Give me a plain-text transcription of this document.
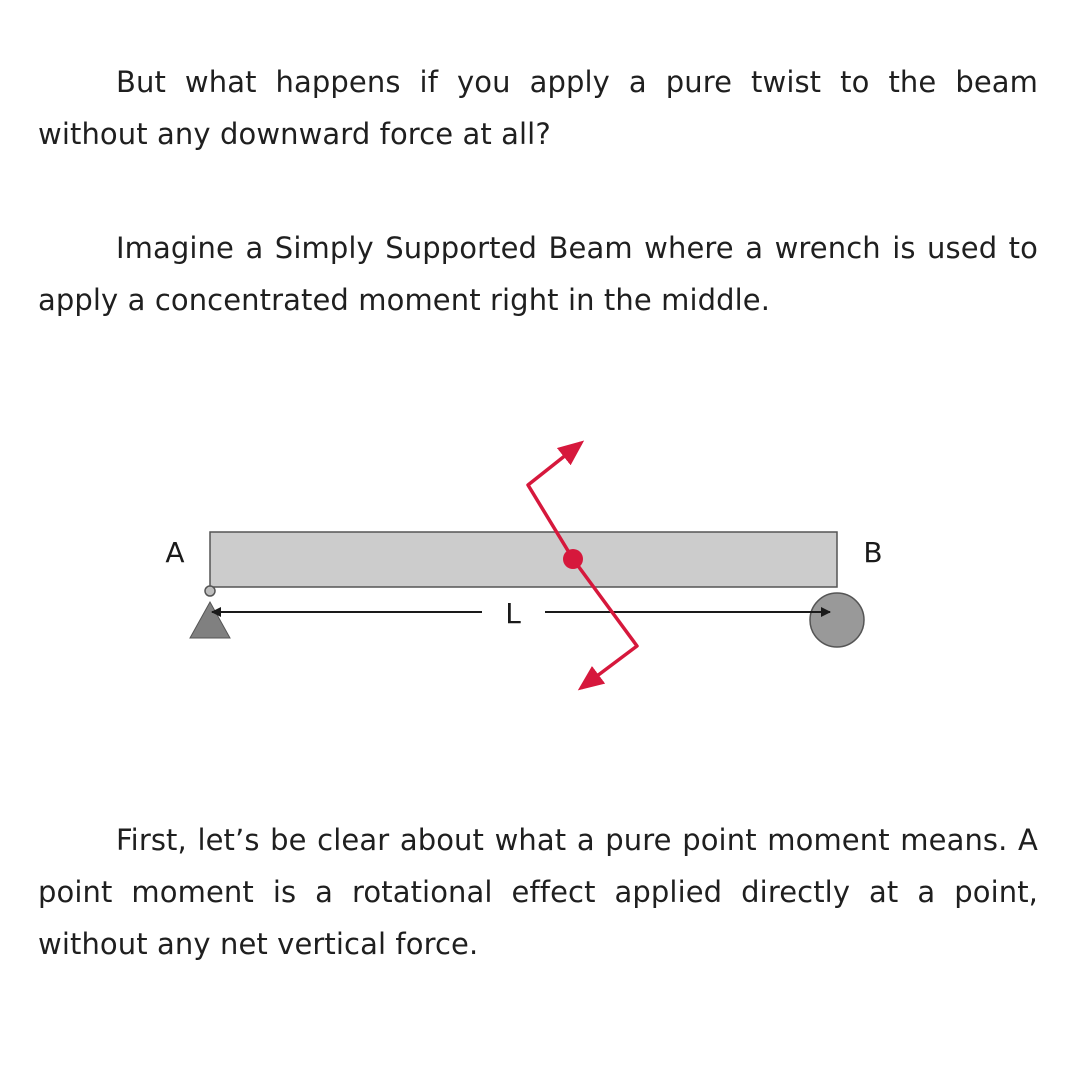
But what happens if you apply a pure twist to the beam without any downward force at all?

Imagine a Simply Supported Beam where a wrench is used to apply a concentrated moment right in the middle.

A	B
L

First, let’s be clear about what a pure point moment means. A point moment is a rotational effect applied directly at a point, without any net vertical force.
